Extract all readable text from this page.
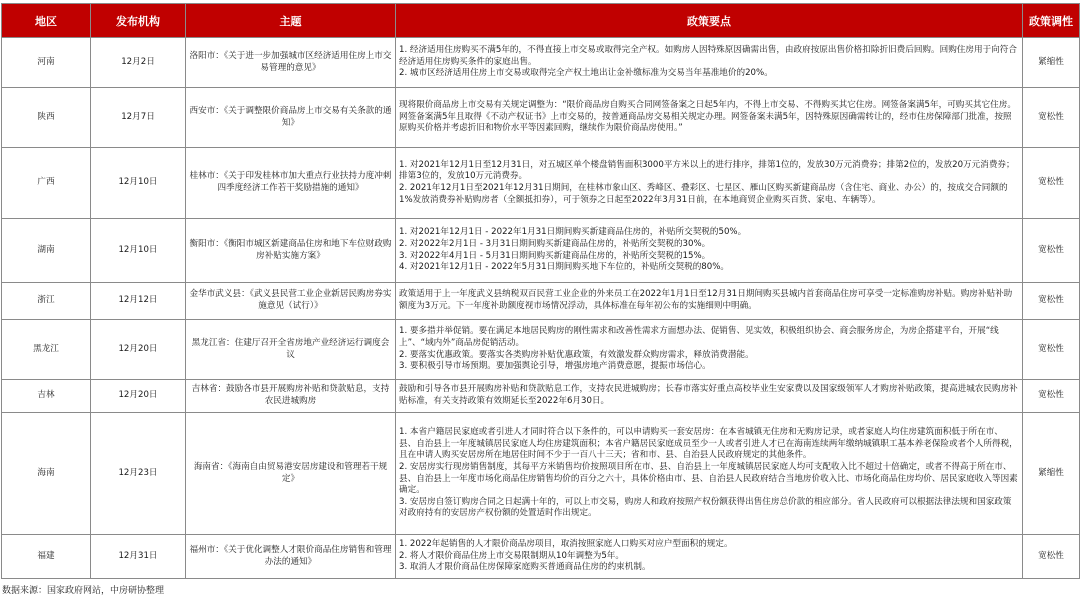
地区	发布机构	主题	政策要点	政策调性
河南	12月2日	洛阳市：《关于进一步加强城市区经济适用住房上市交易管理的意见》	1. 经济适用住房购买不满5年的，不得直接上市交易或取得完全产权。如购房人因特殊原因确需出售，由政府按原出售价格扣除折旧费后回购。回购住房用于向符合经济适用住房购买条件的家庭出售。
2. 城市区经济适用住房上市交易或取得完全产权土地出让金补缴标准为交易当年基准地价的20%。	紧缩性
陕西	12月7日	西安市：《关于调整限价商品房上市交易有关条款的通知》	现将限价商品房上市交易有关规定调整为：“限价商品房自购买合同网签备案之日起5年内，不得上市交易、不得购买其它住房。网签备案满5年，可购买其它住房。网签备案满5年且取得《不动产权证书》上市交易的，按普通商品房交易相关规定办理。网签备案未满5年，因特殊原因确需转让的，经市住房保障部门批准，按照原购买价格并考虑折旧和物价水平等因素回购，继续作为限价商品房使用。”	宽松性
广西	12月10日	桂林市：《关于印发桂林市加大重点行业扶持力度冲刺四季度经济工作若干奖励措施的通知》	1. 对2021年12月1日至12月31日，对五城区单个楼盘销售面积3000平方米以上的进行排序，排第1位的，发放30万元消费券；排第2位的，发放20万元消费券；排第3位的，发放10万元消费券。
2. 2021年12月1日至2021年12月31日期间，在桂林市象山区、秀峰区、叠彩区、七星区、雁山区购买新建商品房（含住宅、商业、办公）的，按成交合同额的1%发放消费券补贴购房者（全额抵扣券），可于领券之日起至2022年3月31日前，在本地商贸企业购买百货、家电、车辆等）。	宽松性
湖南	12月10日	衡阳市：《衡阳市城区新建商品住房和地下车位财政购房补贴实施方案》	1. 对2021年12月1日 - 2022年1月31日期间购买新建商品住房的，补贴所交契税的50%。
2. 对2022年2月1日 - 3月31日期间购买新建商品住房的，补贴所交契税的30%。
3. 对2022年4月1日 - 5月31日期间购买新建商品住房的，补贴所交契税的15%。
4. 对2021年12月1日 - 2022年5月31日期间购买地下车位的，补贴所交契税的80%。	宽松性
浙江	12月12日	金华市武义县：《武义县民营工业企业新居民购房券实施意见（试行）》	政策适用于上一年度武义县纳税双百民营工业企业的外来员工在2022年1月1日至12月31日期间购买县城内首套商品住房可享受一定标准购房补贴。购房补贴补助额度为3万元。下一年度补助额度视市场情况浮动，具体标准在每年初公布的实施细则中明确。	宽松性
黑龙江	12月20日	黑龙江省：住建厅召开全省房地产业经济运行调度会议	1. 要多措并举促销。要在满足本地居民购房的刚性需求和改善性需求方面想办法、促销售、见实效，积极组织协会、商会服务房企，为房企搭建平台，开展“线上”、“域内外”商品房促销活动。
2. 要落实优惠政策。要落实各类购房补贴优惠政策，有效激发群众购房需求，释放消费潜能。
3. 要积极引导市场预期。要加强舆论引导，增强房地产消费意愿，提振市场信心。	宽松性
吉林	12月20日	吉林省：鼓励各市县开展购房补贴和贷款贴息，支持农民进城购房	鼓励和引导各市县开展购房补贴和贷款贴息工作，支持农民进城购房；长春市落实好重点高校毕业生安家费以及国家级领军人才购房补贴政策，提高进城农民购房补贴标准，有关支持政策有效期延长至2022年6月30日。	宽松性
海南	12月23日	海南省：《海南自由贸易港安居房建设和管理若干规定》	1. 本省户籍居民家庭或者引进人才同时符合以下条件的，可以申请购买一套安居房：在本省城镇无住房和无购房记录，或者家庭人均住房建筑面积低于所在市、县、自治县上一年度城镇居民家庭人均住房建筑面积；本省户籍居民家庭成员至少一人或者引进人才已在海南连续两年缴纳城镇职工基本养老保险或者个人所得税，且在申请人购买安居房所在地居住时间不少于一百八十三天；省和市、县、自治县人民政府规定的其他条件。
2. 安居房实行现房销售制度，其每平方米销售均价按照项目所在市、县、自治县上一年度城镇居民家庭人均可支配收入比不超过十倍确定，或者不得高于所在市、县、自治县上一年度市场化商品住房销售均价的百分之六十，具体价格由市、县、自治县人民政府结合当地房价收入比、市场化商品住房均价、居民家庭收入等因素确定。
3. 安居房自签订购房合同之日起满十年的，可以上市交易，购房人和政府按照产权份额获得出售住房总价款的相应部分。省人民政府可以根据法律法规和国家政策对政府持有的安居房产权份额的处置适时作出规定。	紧缩性
福建	12月31日	福州市：《关于优化调整人才限价商品住房销售和管理办法的通知》	1. 2022年起销售的人才限价商品房项目，取消按照家庭人口购买对应户型面积的规定。
2. 将人才限价商品住房上市交易限制期从10年调整为5年。
3. 取消人才限价商品住房保障家庭购买普通商品住房的约束机制。	宽松性
数据来源：国家政府网站，中房研协整理
